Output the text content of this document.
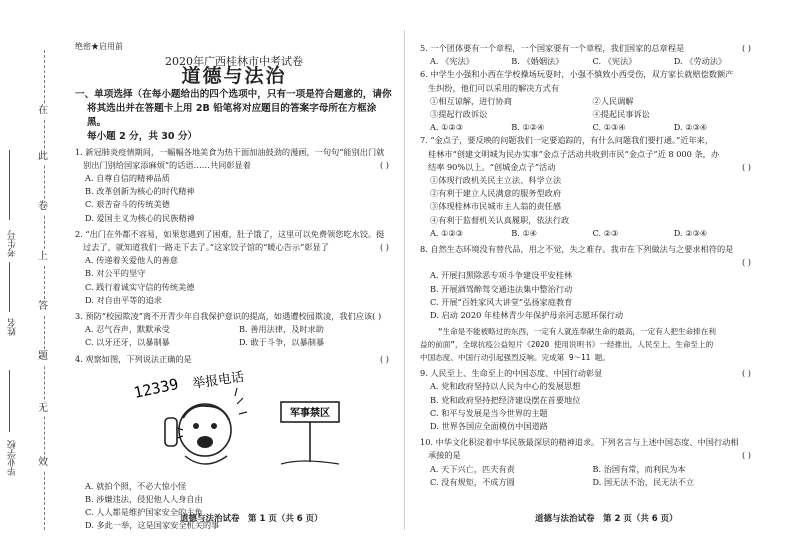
在
此
卷
上
答
题
无
效
考生号
姓名
毕业学校
绝密★启用前

2020年广西桂林市中考试卷

道德与法治

一、单项选择（在每小题给出的四个选项中，只有一项是符合题意的，请你
将其选出并在答题卡上用 2B 铅笔将对应题目的答案字母所在方框涂黑。
每小题 2 分，共 30 分）
1. 新冠肺炎疫情期间，一幅幅各地美食为热干面加油鼓劲的漫画，一句句“能别出门就
别出门别给国家添麻烦”的话语……共同彰显着	( )
A. 自尊自信的精神品质
B. 改革创新为核心的时代精神
C. 艰苦奋斗的传统美德
D. 爱国主义为核心的民族精神
2. “出门在外都不容易，如果您遇到了困难，肚子饿了，这里可以免费领您吃水饺。挺
过去了，就知道我们一路走下去了。”这家饺子馆的“暖心告示”彰显了	( )
A. 传递着关爱他人的善意
B. 对公平的坚守
C. 践行着诚实守信的传统美德
D. 对自由平等的追求
3. 预防“校园欺凌”离不开青少年自我保护意识的提高，如遇遭校园欺凌，我们应该( )
A. 忍气吞声，默默承受	B. 善用法律，及时求助
C. 以牙还牙，以暴制暴	D. 敢于斗争，以暴制暴
4. 观察如图，下列说法正确的是	( )
12339 举报电话
军事禁区
A. 就拍个照，不必大惊小怪
B. 涉嫌违法，侵犯他人人身自由
C. 人人都是维护国家安全的主角
D. 多此一举，这是国家安全机关的事
5. 一个团体要有一个章程，一个国家要有一个章程，我们国家的总章程是	( )
A. 《宪法》	B. 《婚姻法》	C. 《宪法》	D. 《劳动法》
6. 中学生小强和小西在学校操场玩耍时，小强不慎致小西受伤，双方家长就赔偿数额产
生纠纷，他们可以采用的解决方式有
①相互谅解，进行协商	②人民调解
③提起行政诉讼	④提起民事诉讼
A. ①②③	B. ①②④	C. ①③④	D. ②③④
7. “金点子，要反映的问题我们一定要追踪的，有什么问题我们要打通。”近年来，
桂林市“创建文明城为民办实事”金点子活动共收到市民“金点子”近 8 000 条，办
结率 90%以上。“创城金点子”活动	( )
①体现行政机关民主立法、科学立法
②有利于建立人民满意的服务型政府
③体现桂林市民城市主人翁的责任感
④有利于监督机关认真履职，依法行政
A. ①②③	B. ①④	C. ②③	D. ②③④
8. 自然生态环境没有替代品，用之不觉，失之难存。我市在下列做法与之要求相符的是
( )

A. 开展扫黑除恶专项斗争建设平安桂林
B. 开展酒驾醉驾交通违法集中整治行动
C. 开展“百姓家风大讲堂”弘扬家庭教育
D. 启动 2020 年桂林青少年保护母亲河志愿环保行动
“生命是不能被略过的东西，一定有人就连奉献生命的最高，一定有人把生命捧在利
益的前面”，全球抗疫公益短片《2020 使用说明书》一经推出，人民至上、生命至上的
中国态度、中国行动引起强烈反响。完成第 9～11 题。
9. 人民至上、生命至上的中国态度、中国行动彰显	( )
A. 党和政府坚持以人民为中心的发展思想
B. 党和政府坚持把经济建设摆在首要地位
C. 和平与发展是当今世界的主题
D. 世界各国应全面模仿中国道路
10. 中华文化积淀着中华民族最深层的精神追求。下列名言与上述中国态度、中国行动相
承接的是	( )
A. 天下兴亡，匹夫有责	B. 治国有常，而利民为本
C. 没有规矩，不成方圆	D. 国无法不治，民无法不立
道德与法治试卷　第 1 页（共 6 页）	道德与法治试卷　第 2 页（共 6 页）
